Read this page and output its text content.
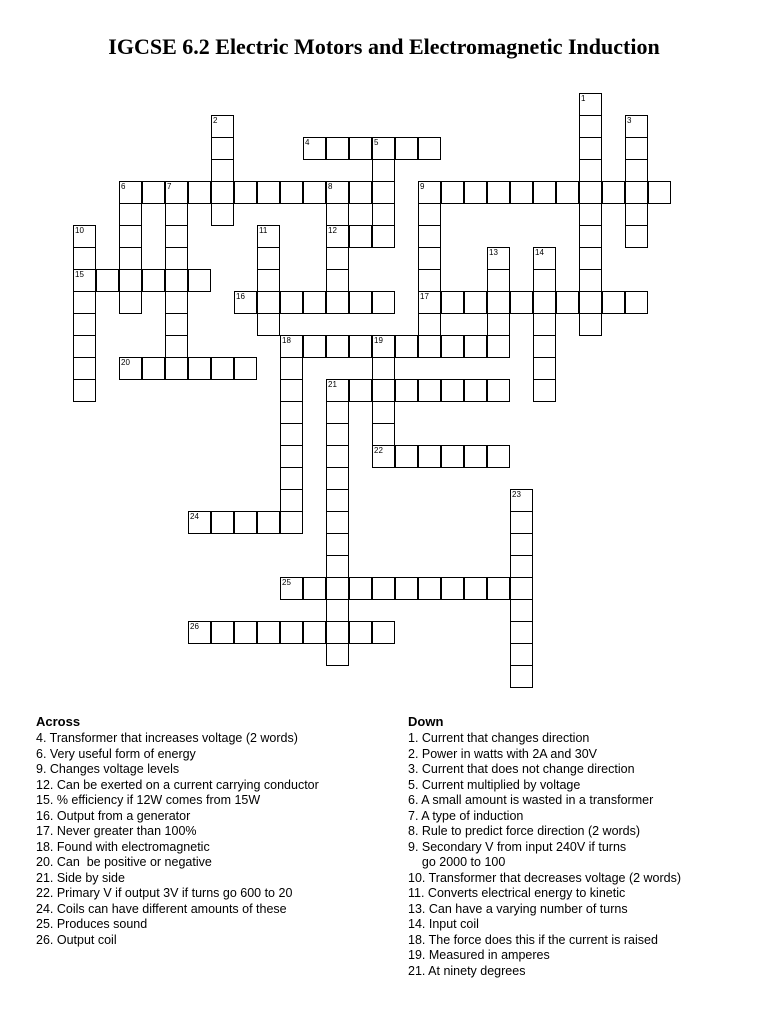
IGCSE 6.2 Electric Motors and Electromagnetic Induction
4	5
6	7	8	9
12
15
16	17
18	19
20
21
22
24
25
26
1
2	3
10	11
13	14
23
Across
4. Transformer that increases voltage (2 words)
6. Very useful form of energy
9. Changes voltage levels
12. Can be exerted on a current carrying conductor
15. % efficiency if 12W comes from 15W
16. Output from a generator
17. Never greater than 100%
18. Found with electromagnetic
20. Can  be positive or negative
21. Side by side
22. Primary V if output 3V if turns go 600 to 20
24. Coils can have different amounts of these
25. Produces sound
26. Output coil
Down
1. Current that changes direction
2. Power in watts with 2A and 30V
3. Current that does not change direction
5. Current multiplied by voltage
6. A small amount is wasted in a transformer
7. A type of induction
8. Rule to predict force direction (2 words)
9. Secondary V from input 240V if turns
go 2000 to 100
10. Transformer that decreases voltage (2 words)
11. Converts electrical energy to kinetic
13. Can have a varying number of turns
14. Input coil
18. The force does this if the current is raised
19. Measured in amperes
21. At ninety degrees
